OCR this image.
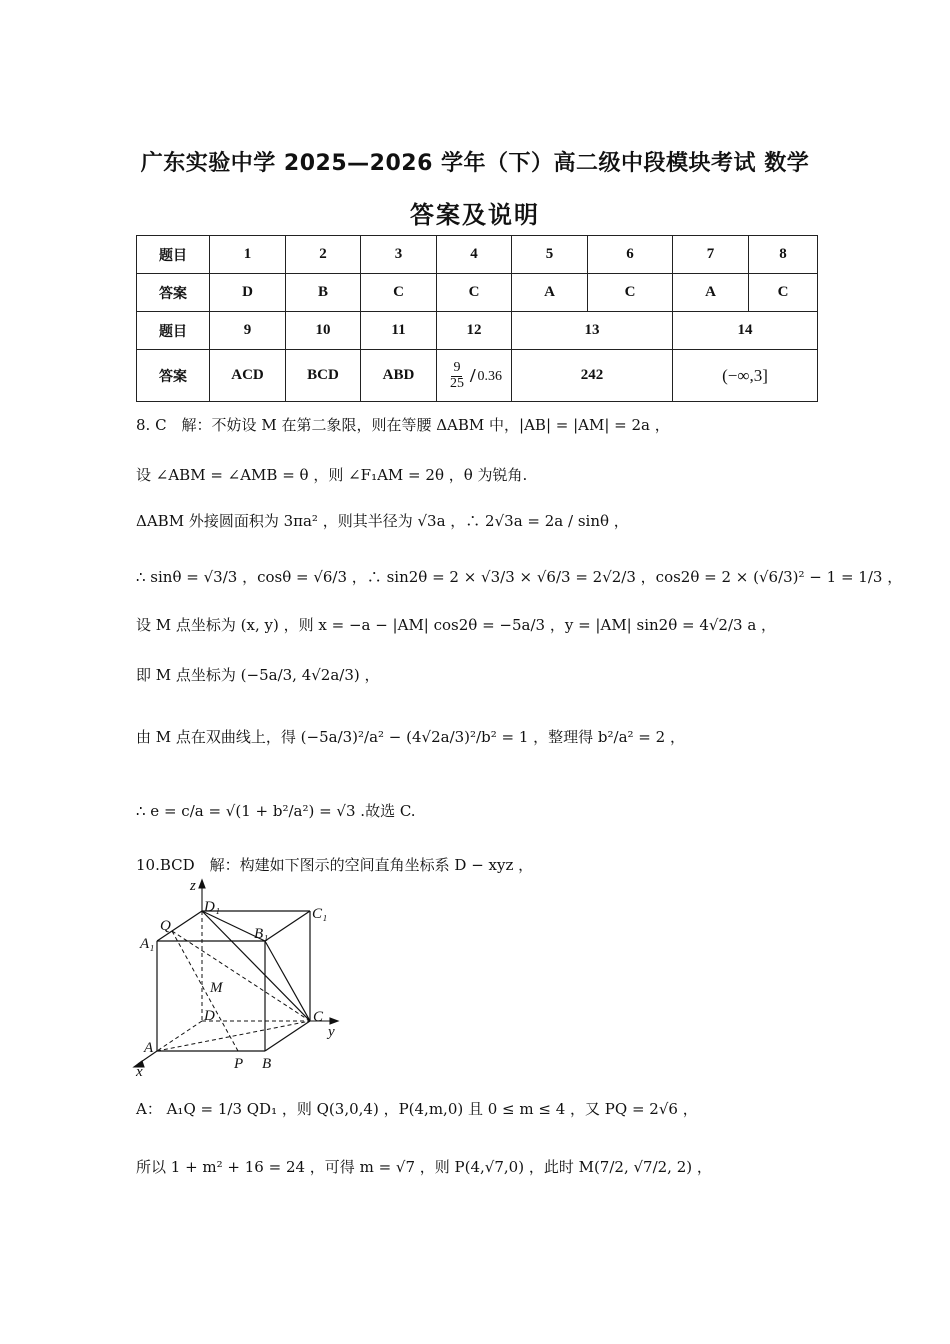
广东实验中学 2025—2026 学年（下）高二级中段模块考试 数学
答案及说明
题目	1	2	3	4	5	6	7	8
答案	D	B	C	C	A	C	A	C
题目	9	10	11	12	13		14	
答案	ACD	BCD	ABD	$\frac{9}{25} / 0.36$	242		(−∞,3]	
8. C　解：不妨设 M 在第二象限，则在等腰 ΔABM 中，|AB| = |AM| = 2a ，
设 ∠ABM = ∠AMB = θ ，则 ∠F₁AM = 2θ ，θ 为锐角.
ΔABM 外接圆面积为 3πa² ，则其半径为 √3a ，∴ 2√3a = 2a / sinθ ，
∴ sinθ = √3/3 ，cosθ = √6/3 ，∴ sin2θ = 2 × √3/3 × √6/3 = 2√2/3 ，cos2θ = 2 × (√6/3)² − 1 = 1/3 ，
设 M 点坐标为 (x, y) ，则 x = −a − |AM| cos2θ = −5a/3 ，y = |AM| sin2θ = 4√2/3 a ，
即 M 点坐标为 (−5a/3, 4√2a/3) ，
由 M 点在双曲线上，得 (−5a/3)²/a² − (4√2a/3)²/b² = 1 ，整理得 b²/a² = 2 ，
∴ e = c/a = √(1 + b²/a²) = √3 .故选 C.
10.BCD　解：构建如下图示的空间直角坐标系 D − xyz ，
z
y
x
D₁	C₁
B₁
A₁
Q
M
D	C
A
P B
A： A₁Q = 1/3 QD₁ ，则 Q(3,0,4) ，P(4,m,0) 且 0 ≤ m ≤ 4 ，又 PQ = 2√6 ，
所以 1 + m² + 16 = 24 ，可得 m = √7 ，则 P(4,√7,0) ，此时 M(7/2, √7/2, 2) ，
